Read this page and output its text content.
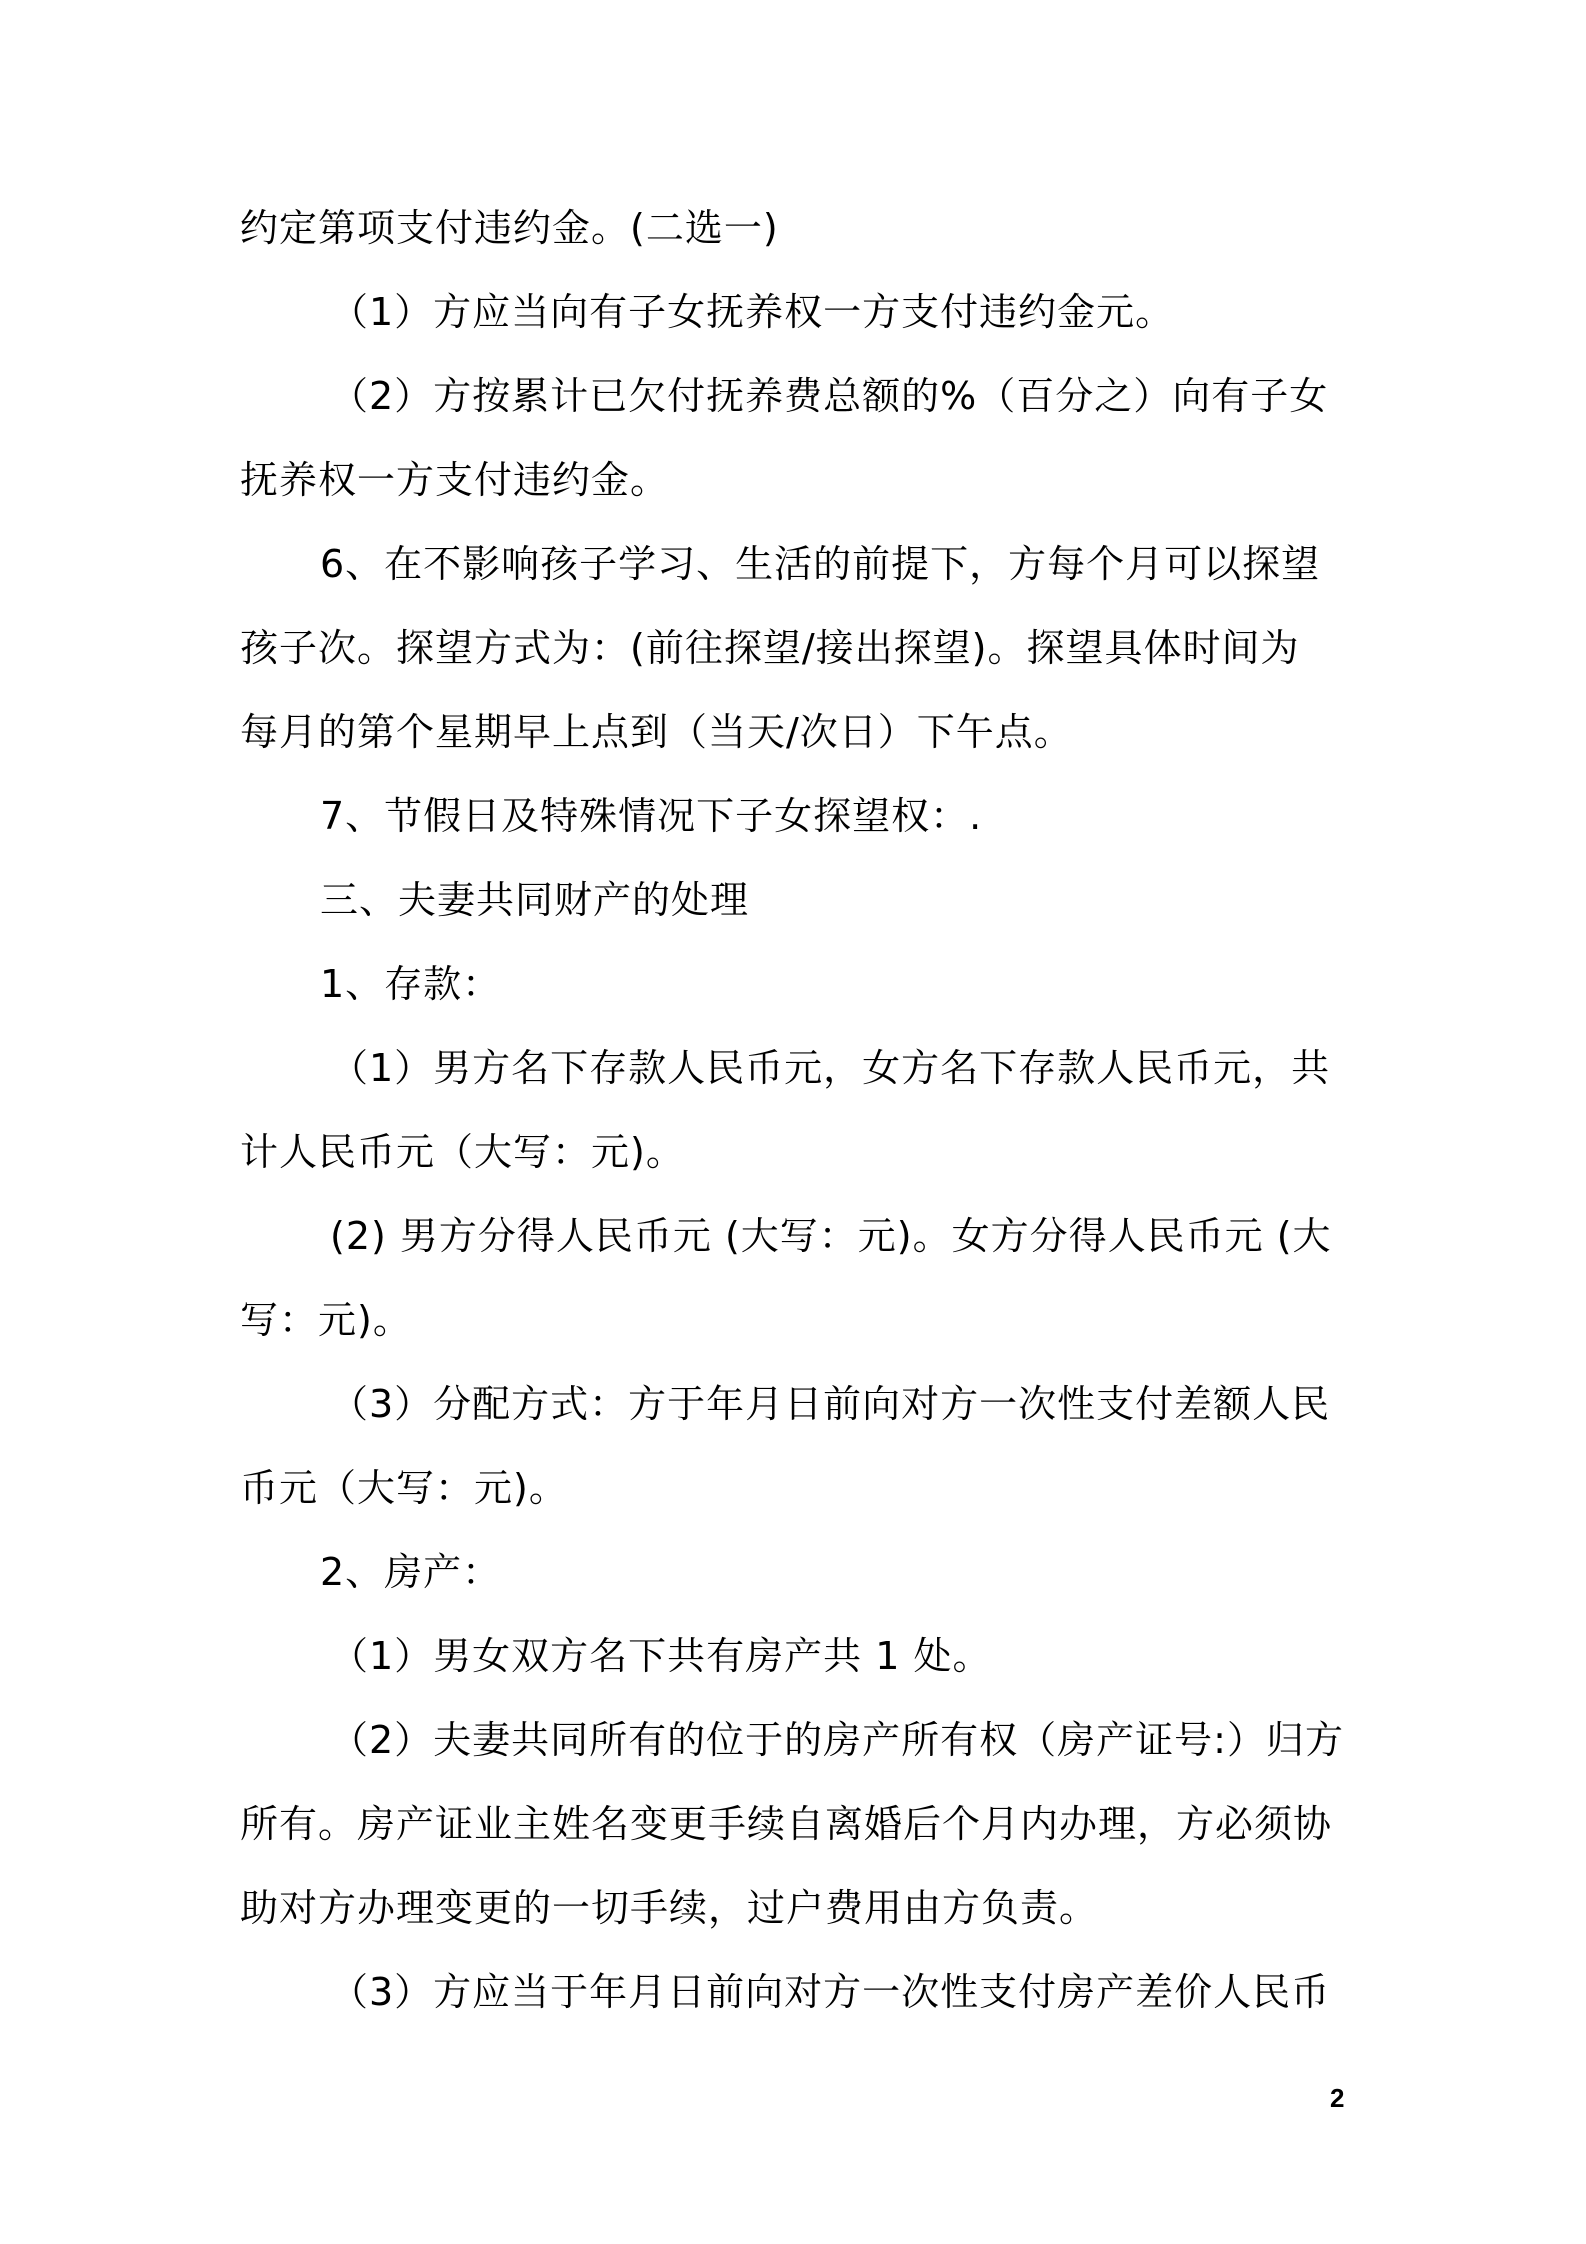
约定第项支付违约金。(二选一)
（1）方应当向有子女抚养权一方支付违约金元。
（2）方按累计已欠付抚养费总额的%（百分之）向有子女
抚养权一方支付违约金。
6、在不影响孩子学习、生活的前提下，方每个月可以探望
孩子次。探望方式为：(前往探望/接出探望)。探望具体时间为
每月的第个星期早上点到（当天/次日）下午点。
7、节假日及特殊情况下子女探望权：.
三、夫妻共同财产的处理
1、存款：
（1）男方名下存款人民币元，女方名下存款人民币元，共
计人民币元（大写：元)。
(2) 男方分得人民币元 (大写：元)。女方分得人民币元 (大
写：元)。
（3）分配方式：方于年月日前向对方一次性支付差额人民
币元（大写：元)。
2、房产：
（1）男女双方名下共有房产共 1 处。
（2）夫妻共同所有的位于的房产所有权（房产证号:）归方
所有。房产证业主姓名变更手续自离婚后个月内办理，方必须协
助对方办理变更的一切手续，过户费用由方负责。
（3）方应当于年月日前向对方一次性支付房产差价人民币
2
